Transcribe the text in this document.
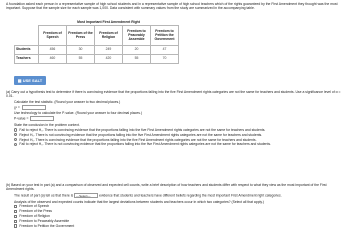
A foundation asked each person in a representative sample of high school students and in a representative sample of high school teachers which of the rights guaranteed by the First Amendment they thought was the most important. Suppose that the sample size for each sample was 1,000. Data consistent with summary values from the study are summarized in the accompanying table.

	Most Important First Amendment Right				
	Freedom of Speech	Freedom of the Press	Freedom of Religion	Freedom to Peaceably Assemble	Freedom to Petition the Government
Students	456	30	249	20	47
Teachers	460	55	420	55	70
▦ USE SALT

(a) Carry out a hypothesis test to determine if there is convincing evidence that the proportions falling into the five First Amendment rights categories are not the same for teachers and students. Use a significance level of α = 0.01.

Calculate the test statistic. (Round your answer to two decimal places.)

χ² =

Use technology to calculate the P-value. (Round your answer to four decimal places.)

P-value =

State the conclusion in the problem context.

Fail to reject H₀. There is convincing evidence that the proportions falling into the five First Amendment rights categories are not the same for teachers and students.

Reject H₀. There is not convincing evidence that the proportions falling into the five First Amendment rights categories are not the same for teachers and students.

Reject H₀. There is convincing evidence that the proportions falling into the five First Amendment rights categories are not the same for teachers and students.

Fail to reject H₀. There is not convincing evidence that the proportions falling into the five First Amendment rights categories are not the same for teachers and students.

(b) Based on your test in part (a) and a comparison of observed and expected cell counts, write a brief description of how teachers and students differ with respect to what they view as the most important of the First Amendment rights.

The result of part (a) tell us that there is ---Select---	evidence that students and teachers have different beliefs regarding the most important First Amendment right categories.

Analysis of the observed and expected counts indicate that the largest deviations between students and teachers occur in which two categories? (Select all that apply.)

Freedom of Speech

Freedom of the Press

Freedom of Religion

Freedom to Peaceably Assemble

Freedom to Petition the Government
